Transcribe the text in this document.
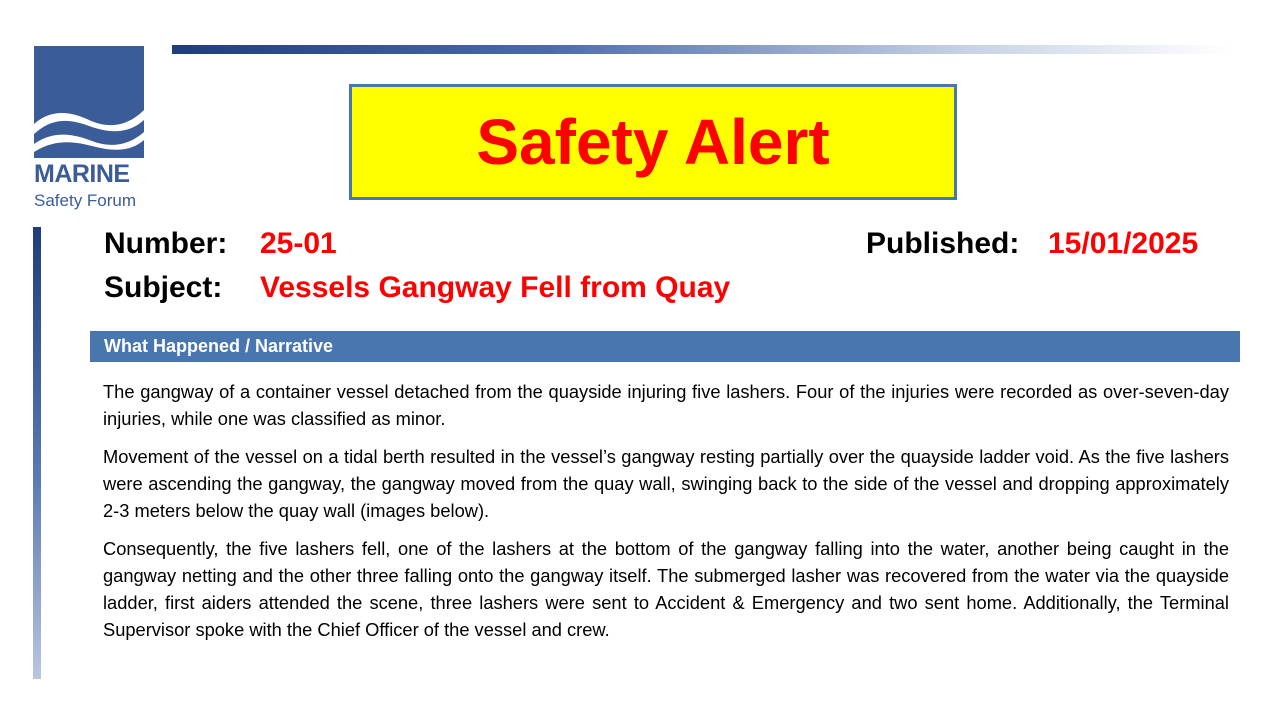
MARINE
Safety Forum
Safety Alert
Number: 25-01	Published: 15/01/2025
Subject: Vessels Gangway Fell from Quay
What Happened / Narrative

The gangway of a container vessel detached from the quayside injuring five lashers. Four of the injuries were recorded as over-seven-day injuries, while one was classified as minor.

Movement of the vessel on a tidal berth resulted in the vessel’s gangway resting partially over the quayside ladder void. As the five lashers were ascending the gangway, the gangway moved from the quay wall, swinging back to the side of the vessel and dropping approximately 2-3 meters below the quay wall (images below).

Consequently, the five lashers fell, one of the lashers at the bottom of the gangway falling into the water, another being caught in the gangway netting and the other three falling onto the gangway itself. The submerged lasher was recovered from the water via the quayside ladder, first aiders attended the scene, three lashers were sent to Accident & Emergency and two sent home. Additionally, the Terminal Supervisor spoke with the Chief Officer of the vessel and crew.
